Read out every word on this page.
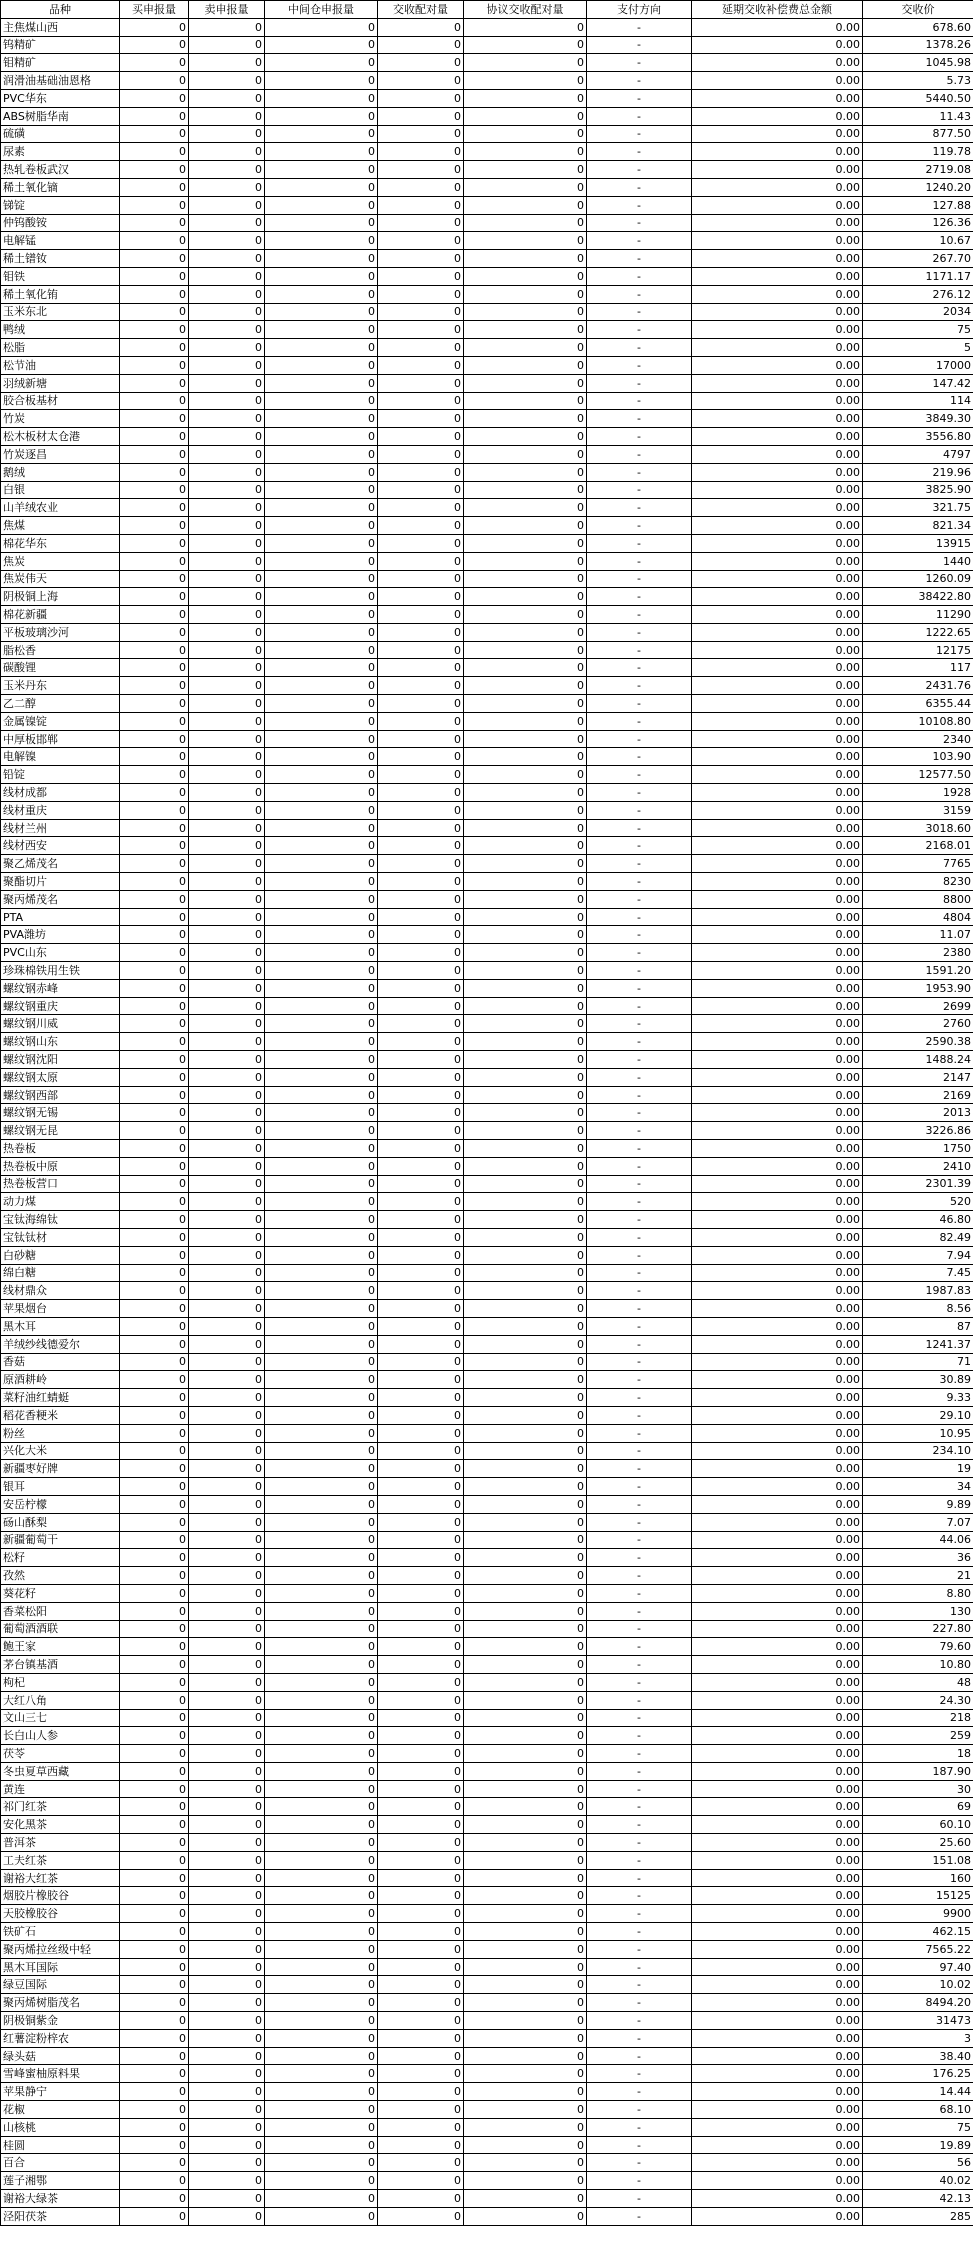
品种	买申报量	卖申报量	中间仓申报量	交收配对量	协议交收配对量	支付方向	延期交收补偿费总金额	交收价
主焦煤山西	0	0	0	0	0	-	0.00	678.60
钨精矿	0	0	0	0	0	-	0.00	1378.26
钼精矿	0	0	0	0	0	-	0.00	1045.98
润滑油基础油恩格	0	0	0	0	0	-	0.00	5.73
PVC华东	0	0	0	0	0	-	0.00	5440.50
ABS树脂华南	0	0	0	0	0	-	0.00	11.43
硫磺	0	0	0	0	0	-	0.00	877.50
尿素	0	0	0	0	0	-	0.00	119.78
热轧卷板武汉	0	0	0	0	0	-	0.00	2719.08
稀土氧化镝	0	0	0	0	0	-	0.00	1240.20
锑锭	0	0	0	0	0	-	0.00	127.88
仲钨酸铵	0	0	0	0	0	-	0.00	126.36
电解锰	0	0	0	0	0	-	0.00	10.67
稀土镨钕	0	0	0	0	0	-	0.00	267.70
钼铁	0	0	0	0	0	-	0.00	1171.17
稀土氧化铕	0	0	0	0	0	-	0.00	276.12
玉米东北	0	0	0	0	0	-	0.00	2034
鸭绒	0	0	0	0	0	-	0.00	75
松脂	0	0	0	0	0	-	0.00	5
松节油	0	0	0	0	0	-	0.00	17000
羽绒新塘	0	0	0	0	0	-	0.00	147.42
胶合板基材	0	0	0	0	0	-	0.00	114
竹炭	0	0	0	0	0	-	0.00	3849.30
松木板材太仓港	0	0	0	0	0	-	0.00	3556.80
竹炭逐昌	0	0	0	0	0	-	0.00	4797
鹅绒	0	0	0	0	0	-	0.00	219.96
白银	0	0	0	0	0	-	0.00	3825.90
山羊绒农业	0	0	0	0	0	-	0.00	321.75
焦煤	0	0	0	0	0	-	0.00	821.34
棉花华东	0	0	0	0	0	-	0.00	13915
焦炭	0	0	0	0	0	-	0.00	1440
焦炭伟天	0	0	0	0	0	-	0.00	1260.09
阴极铜上海	0	0	0	0	0	-	0.00	38422.80
棉花新疆	0	0	0	0	0	-	0.00	11290
平板玻璃沙河	0	0	0	0	0	-	0.00	1222.65
脂松香	0	0	0	0	0	-	0.00	12175
碳酸锂	0	0	0	0	0	-	0.00	117
玉米丹东	0	0	0	0	0	-	0.00	2431.76
乙二醇	0	0	0	0	0	-	0.00	6355.44
金属镍锭	0	0	0	0	0	-	0.00	10108.80
中厚板邯郸	0	0	0	0	0	-	0.00	2340
电解镍	0	0	0	0	0	-	0.00	103.90
铅锭	0	0	0	0	0	-	0.00	12577.50
线材成都	0	0	0	0	0	-	0.00	1928
线材重庆	0	0	0	0	0	-	0.00	3159
线材兰州	0	0	0	0	0	-	0.00	3018.60
线材西安	0	0	0	0	0	-	0.00	2168.01
聚乙烯茂名	0	0	0	0	0	-	0.00	7765
聚酯切片	0	0	0	0	0	-	0.00	8230
聚丙烯茂名	0	0	0	0	0	-	0.00	8800
PTA	0	0	0	0	0	-	0.00	4804
PVA潍坊	0	0	0	0	0	-	0.00	11.07
PVC山东	0	0	0	0	0	-	0.00	2380
珍珠棉铁用生铁	0	0	0	0	0	-	0.00	1591.20
螺纹钢赤峰	0	0	0	0	0	-	0.00	1953.90
螺纹钢重庆	0	0	0	0	0	-	0.00	2699
螺纹钢川威	0	0	0	0	0	-	0.00	2760
螺纹钢山东	0	0	0	0	0	-	0.00	2590.38
螺纹钢沈阳	0	0	0	0	0	-	0.00	1488.24
螺纹钢太原	0	0	0	0	0	-	0.00	2147
螺纹钢西部	0	0	0	0	0	-	0.00	2169
螺纹钢无锡	0	0	0	0	0	-	0.00	2013
螺纹钢无昆	0	0	0	0	0	-	0.00	3226.86
热卷板	0	0	0	0	0	-	0.00	1750
热卷板中原	0	0	0	0	0	-	0.00	2410
热卷板营口	0	0	0	0	0	-	0.00	2301.39
动力煤	0	0	0	0	0	-	0.00	520
宝钛海绵钛	0	0	0	0	0	-	0.00	46.80
宝钛钛材	0	0	0	0	0	-	0.00	82.49
白砂糖	0	0	0	0	0	-	0.00	7.94
绵白糖	0	0	0	0	0	-	0.00	7.45
线材鼎众	0	0	0	0	0	-	0.00	1987.83
苹果烟台	0	0	0	0	0	-	0.00	8.56
黑木耳	0	0	0	0	0	-	0.00	87
羊绒纱线德爱尔	0	0	0	0	0	-	0.00	1241.37
香菇	0	0	0	0	0	-	0.00	71
原酒耕岭	0	0	0	0	0	-	0.00	30.89
菜籽油红蜻蜓	0	0	0	0	0	-	0.00	9.33
稻花香粳米	0	0	0	0	0	-	0.00	29.10
粉丝	0	0	0	0	0	-	0.00	10.95
兴化大米	0	0	0	0	0	-	0.00	234.10
新疆枣好牌	0	0	0	0	0	-	0.00	19
银耳	0	0	0	0	0	-	0.00	34
安岳柠檬	0	0	0	0	0	-	0.00	9.89
砀山酥梨	0	0	0	0	0	-	0.00	7.07
新疆葡萄干	0	0	0	0	0	-	0.00	44.06
松籽	0	0	0	0	0	-	0.00	36
孜然	0	0	0	0	0	-	0.00	21
葵花籽	0	0	0	0	0	-	0.00	8.80
香菜松阳	0	0	0	0	0	-	0.00	130
葡萄酒酒联	0	0	0	0	0	-	0.00	227.80
鲍王家	0	0	0	0	0	-	0.00	79.60
茅台镇基酒	0	0	0	0	0	-	0.00	10.80
枸杞	0	0	0	0	0	-	0.00	48
大红八角	0	0	0	0	0	-	0.00	24.30
文山三七	0	0	0	0	0	-	0.00	218
长白山人参	0	0	0	0	0	-	0.00	259
茯苓	0	0	0	0	0	-	0.00	18
冬虫夏草西藏	0	0	0	0	0	-	0.00	187.90
黄连	0	0	0	0	0	-	0.00	30
祁门红茶	0	0	0	0	0	-	0.00	69
安化黑茶	0	0	0	0	0	-	0.00	60.10
普洱茶	0	0	0	0	0	-	0.00	25.60
工夫红茶	0	0	0	0	0	-	0.00	151.08
谢裕大红茶	0	0	0	0	0	-	0.00	160
烟胶片橡胶谷	0	0	0	0	0	-	0.00	15125
天胶橡胶谷	0	0	0	0	0	-	0.00	9900
铁矿石	0	0	0	0	0	-	0.00	462.15
聚丙烯拉丝级中轻	0	0	0	0	0	-	0.00	7565.22
黑木耳国际	0	0	0	0	0	-	0.00	97.40
绿豆国际	0	0	0	0	0	-	0.00	10.02
聚丙烯树脂茂名	0	0	0	0	0	-	0.00	8494.20
阴极铜紫金	0	0	0	0	0	-	0.00	31473
红薯淀粉梓农	0	0	0	0	0	-	0.00	3
绿头菇	0	0	0	0	0	-	0.00	38.40
雪峰蜜柚原料果	0	0	0	0	0	-	0.00	176.25
苹果静宁	0	0	0	0	0	-	0.00	14.44
花椒	0	0	0	0	0	-	0.00	68.10
山核桃	0	0	0	0	0	-	0.00	75
桂圆	0	0	0	0	0	-	0.00	19.89
百合	0	0	0	0	0	-	0.00	56
莲子湘鄂	0	0	0	0	0	-	0.00	40.02
谢裕大绿茶	0	0	0	0	0	-	0.00	42.13
泾阳茯茶	0	0	0	0	0	-	0.00	285
